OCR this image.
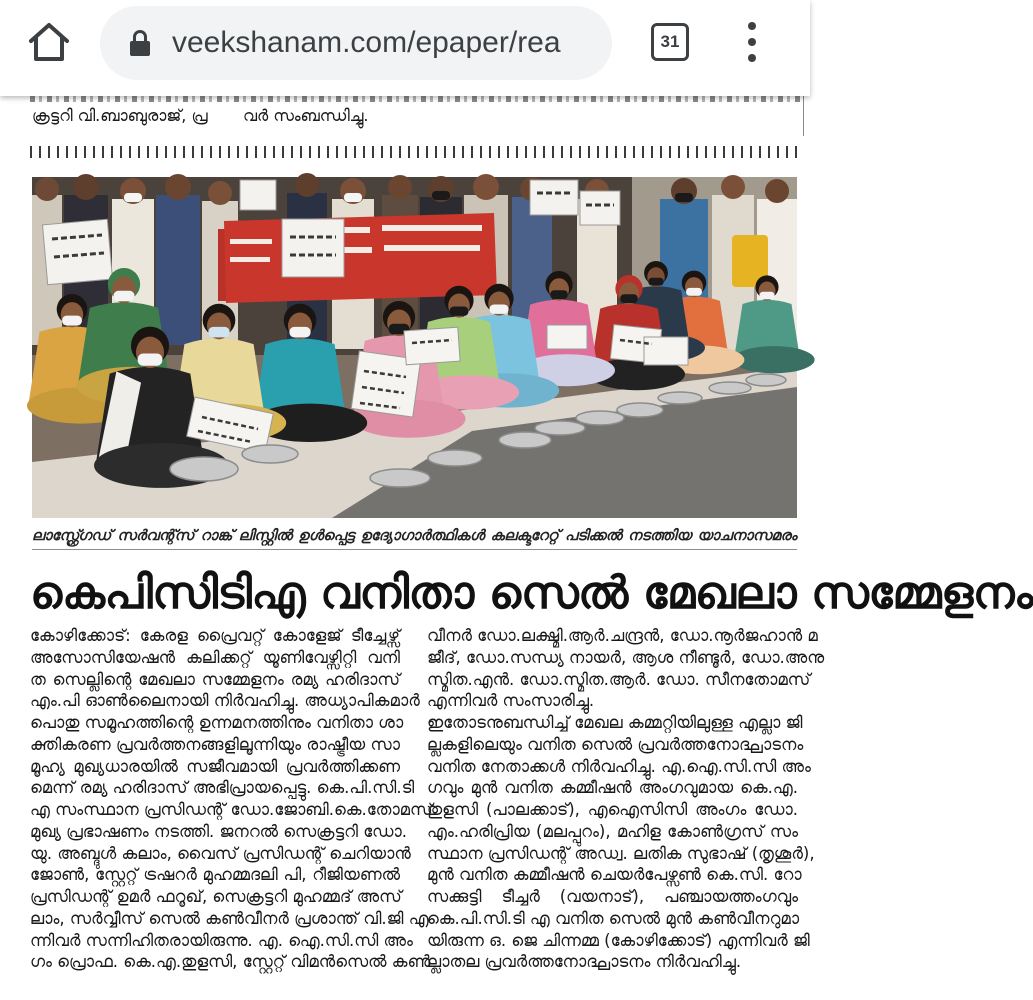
veekshanam.com/epaper/rea	31
ക്രട്ടറി വി.ബാബുരാജ്, പ്ര	വർ സംബന്ധിച്ചു.
ലാസ്റ്റ്ഗ്രേഡ് സർവന്റ്സ് റാങ്ക് ലിസ്റ്റിൽ ഉൾപ്പെട്ട ഉദ്യോഗാർത്ഥികൾ കലക്ടറേറ്റ് പടിക്കൽ നടത്തിയ യാചനാസമരം
കെപിസിടിഎ വനിതാ സെൽ മേഖലാ സമ്മേളനം
കോഴിക്കോട്: കേരള പ്രൈവറ്റ് കോളേജ് ടീച്ചേഴ്സ്
അസോസിയേഷൻ കലിക്കറ്റ് യൂണിവേഴ്സിറ്റി വനി
ത സെല്ലിന്റെ മേഖലാ സമ്മേളനം രമ്യ ഹരിദാസ്
എം.പി ഓൺലൈനായി നിർവഹിച്ചു. അധ്യാപികമാർ
പൊതു സമൂഹത്തിന്റെ ഉന്നമനത്തിനും വനിതാ ശാ
ക്തികരണ പ്രവർത്തനങ്ങളിലൂന്നിയും രാഷ്ട്രീയ സാ
മൂഹ്യ മുഖ്യധാരയിൽ സജീവമായി പ്രവർത്തിക്കണ
മെന്ന് രമ്യ ഹരിദാസ് അഭിപ്രായപ്പെട്ടു. കെ.പി.സി.ടി
എ സംസ്ഥാന പ്രസിഡന്റ് ഡോ.ജോബി.കെ.തോമസ്
മുഖ്യ പ്രഭാഷണം നടത്തി. ജനറൽ സെക്രട്ടറി ഡോ.
യു. അബ്ദുൾ കലാം, വൈസ് പ്രസിഡന്റ് ചെറിയാൻ
ജോൺ, സ്റ്റേറ്റ് ട്രഷറർ മുഹമ്മദലി പി, റീജിയണൽ
പ്രസിഡന്റ് ഉമർ ഫറൂഖ്, സെക്രട്ടറി മുഹമ്മദ് അസ്
ലാം, സർവ്വീസ് സെൽ കൺവീനർ പ്രശാന്ത് വി.ജി എ
ന്നിവർ സന്നിഹിതരായിരുന്നു. എ. ഐ.സി.സി അം
ഗം പ്രൊഫ. കെ.എ.തുളസി, സ്റ്റേറ്റ് വിമൻസെൽ കൺ
വീനർ ഡോ.ലക്ഷ്മി.ആർ.ചന്ദ്രൻ, ഡോ.നൂർജഹാൻ മ
ജീദ്, ഡോ.സന്ധ്യ നായർ, ആശ നീണ്ടൂർ, ഡോ.അനു
സ്മിത.എൻ. ഡോ.സ്മിത.ആർ. ഡോ. സീനതോമസ്
എന്നിവർ സംസാരിച്ചു.
ഇതോടനുബന്ധിച്ച് മേഖല കമ്മറ്റിയിലുള്ള എല്ലാ ജി
ല്ലകളിലെയും വനിത സെൽ പ്രവർത്തനോദ്ഘാടനം
വനിത നേതാക്കൾ നിർവഹിച്ചു. എ.ഐ.സി.സി അം
ഗവും മുൻ വനിത കമ്മീഷൻ അംഗവുമായ കെ.എ.
തുളസി (പാലക്കാട്), എഐസിസി അംഗം ഡോ.
എം.ഹരിപ്രിയ (മലപ്പുറം), മഹിള കോൺഗ്രസ് സം
സ്ഥാന പ്രസിഡന്റ് അഡ്വ. ലതിക സുഭാഷ് (തൃശൂർ),
മുൻ വനിത കമ്മീഷൻ ചെയർപേഴ്സൺ കെ.സി. റോ
സക്കുട്ടി ടീച്ചർ (വയനാട്), പഞ്ചായത്തംഗവും
കെ.പി.സി.ടി എ വനിത സെൽ മുൻ കൺവീനറുമാ
യിരുന്ന ഒ. ജെ ചിന്നമ്മ (കോഴിക്കോട്) എന്നിവർ ജി
ല്ലാതല പ്രവർത്തനോദ്ഘാടനം നിർവഹിച്ചു.
